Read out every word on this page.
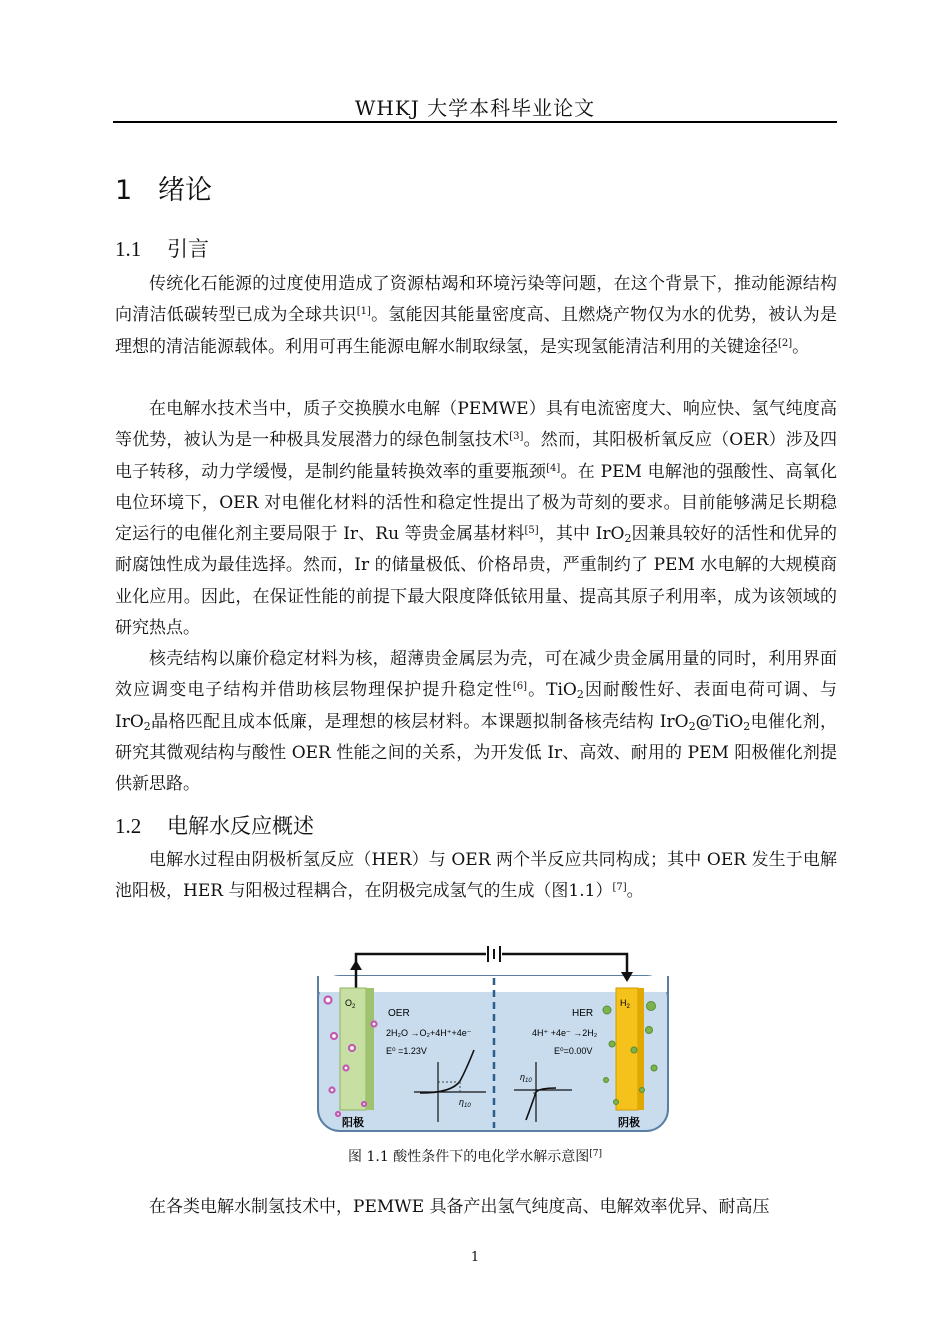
WHKJ 大学本科毕业论文
1 绪论
1.1 引言

传统化石能源的过度使用造成了资源枯竭和环境污染等问题，在这个背景下，推动能源结构向清洁低碳转型已成为全球共识[1]。氢能因其能量密度高、且燃烧产物仅为水的优势，被认为是理想的清洁能源载体。利用可再生能源电解水制取绿氢，是实现氢能清洁利用的关键途径[2]。

在电解水技术当中，质子交换膜水电解（PEMWE）具有电流密度大、响应快、氢气纯度高等优势，被认为是一种极具发展潜力的绿色制氢技术[3]。然而，其阳极析氧反应（OER）涉及四电子转移，动力学缓慢，是制约能量转换效率的重要瓶颈[4]。在 PEM 电解池的强酸性、高氧化电位环境下，OER 对电催化材料的活性和稳定性提出了极为苛刻的要求。目前能够满足长期稳定运行的电催化剂主要局限于 Ir、Ru 等贵金属基材料[5]，其中 IrO$_2$因兼具较好的活性和优异的耐腐蚀性成为最佳选择。然而，Ir 的储量极低、价格昂贵，严重制约了 PEM 水电解的大规模商业化应用。因此，在保证性能的前提下最大限度降低铱用量、提高其原子利用率，成为该领域的研究热点。

核壳结构以廉价稳定材料为核，超薄贵金属层为壳，可在减少贵金属用量的同时，利用界面效应调变电子结构并借助核层物理保护提升稳定性[6]。TiO$_2$因耐酸性好、表面电荷可调、与 IrO$_2$晶格匹配且成本低廉，是理想的核层材料。本课题拟制备核壳结构 IrO$_2$@TiO$_2$电催化剂，研究其微观结构与酸性 OER 性能之间的关系，为开发低 Ir、高效、耐用的 PEM 阳极催化剂提供新思路。

1.2 电解水反应概述

电解水过程由阴极析氢反应（HER）与 OER 两个半反应共同构成；其中 OER 发生于电解池阳极，HER 与阳极过程耦合，在阴极完成氢气的生成（图1.1）[7]。

$O_2$	$H_2$
OER
2H₂O →O₂+4H⁺+4e⁻
E⁰ =1.23V
$\eta_{10}$
HER
4H⁺ +4e⁻ →2H₂
E⁰=0.00V
$\eta_{10}$
阳极	阴极
图 1.1 酸性条件下的电化学水解示意图[7]

在各类电解水制氢技术中，PEMWE 具备产出氢气纯度高、电解效率优异、耐高压

1
